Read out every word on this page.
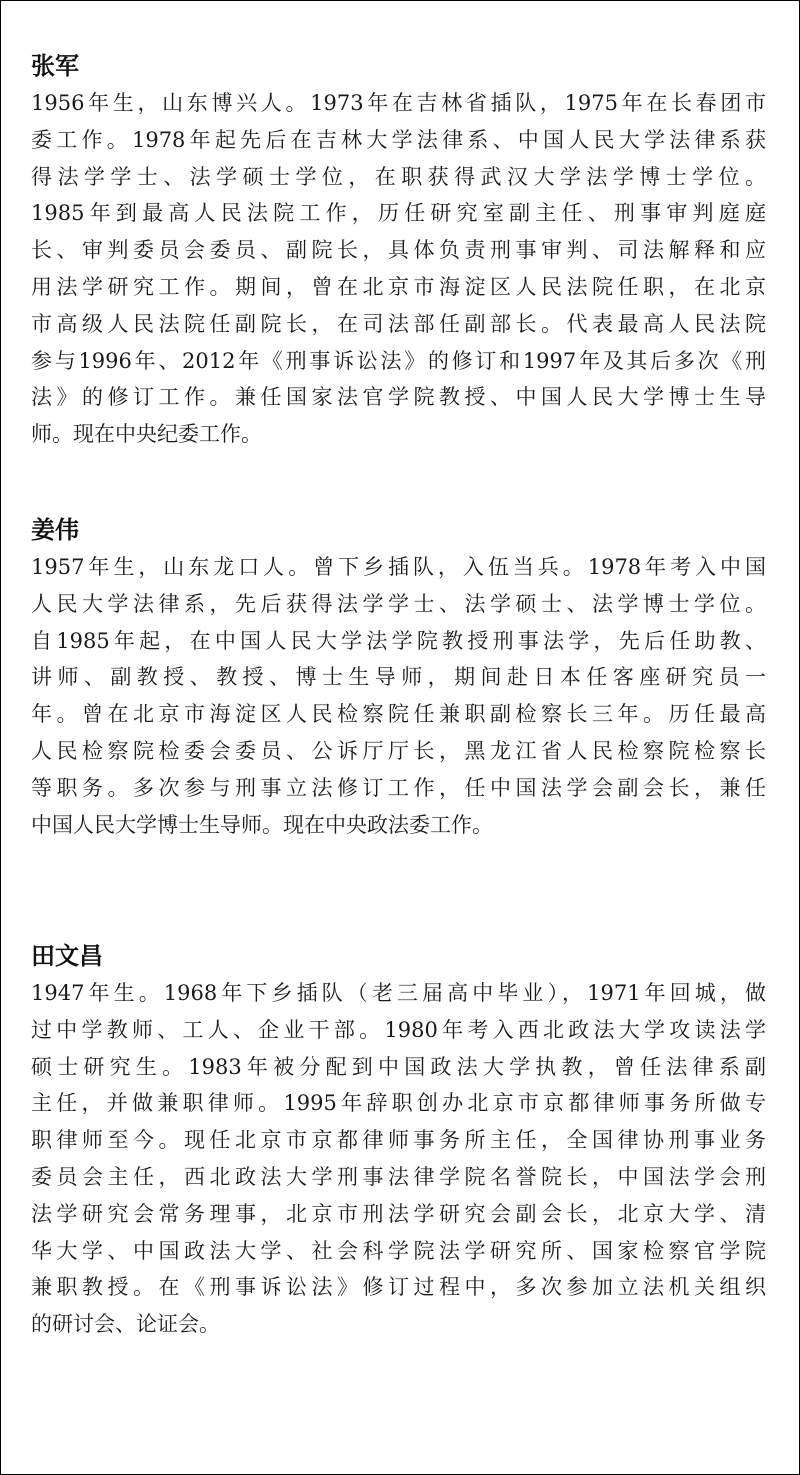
张军
1956年生，山东博兴人。1973年在吉林省插队，1975年在长春团市
委工作。1978年起先后在吉林大学法律系、中国人民大学法律系获
得法学学士、法学硕士学位，在职获得武汉大学法学博士学位。
1985年到最高人民法院工作，历任研究室副主任、刑事审判庭庭
长、审判委员会委员、副院长，具体负责刑事审判、司法解释和应
用法学研究工作。期间，曾在北京市海淀区人民法院任职，在北京
市高级人民法院任副院长，在司法部任副部长。代表最高人民法院
参与1996年、2012年《刑事诉讼法》的修订和1997年及其后多次《刑
法》的修订工作。兼任国家法官学院教授、中国人民大学博士生导
师。现在中央纪委工作。
姜伟
1957年生，山东龙口人。曾下乡插队，入伍当兵。1978年考入中国
人民大学法律系，先后获得法学学士、法学硕士、法学博士学位。
自1985年起，在中国人民大学法学院教授刑事法学，先后任助教、
讲师、副教授、教授、博士生导师，期间赴日本任客座研究员一
年。曾在北京市海淀区人民检察院任兼职副检察长三年。历任最高
人民检察院检委会委员、公诉厅厅长，黑龙江省人民检察院检察长
等职务。多次参与刑事立法修订工作，任中国法学会副会长，兼任
中国人民大学博士生导师。现在中央政法委工作。
田文昌
1947年生。1968年下乡插队（老三届高中毕业），1971年回城，做
过中学教师、工人、企业干部。1980年考入西北政法大学攻读法学
硕士研究生。1983年被分配到中国政法大学执教，曾任法律系副
主任，并做兼职律师。1995年辞职创办北京市京都律师事务所做专
职律师至今。现任北京市京都律师事务所主任，全国律协刑事业务
委员会主任，西北政法大学刑事法律学院名誉院长，中国法学会刑
法学研究会常务理事，北京市刑法学研究会副会长，北京大学、清
华大学、中国政法大学、社会科学院法学研究所、国家检察官学院
兼职教授。在《刑事诉讼法》修订过程中，多次参加立法机关组织
的研讨会、论证会。
